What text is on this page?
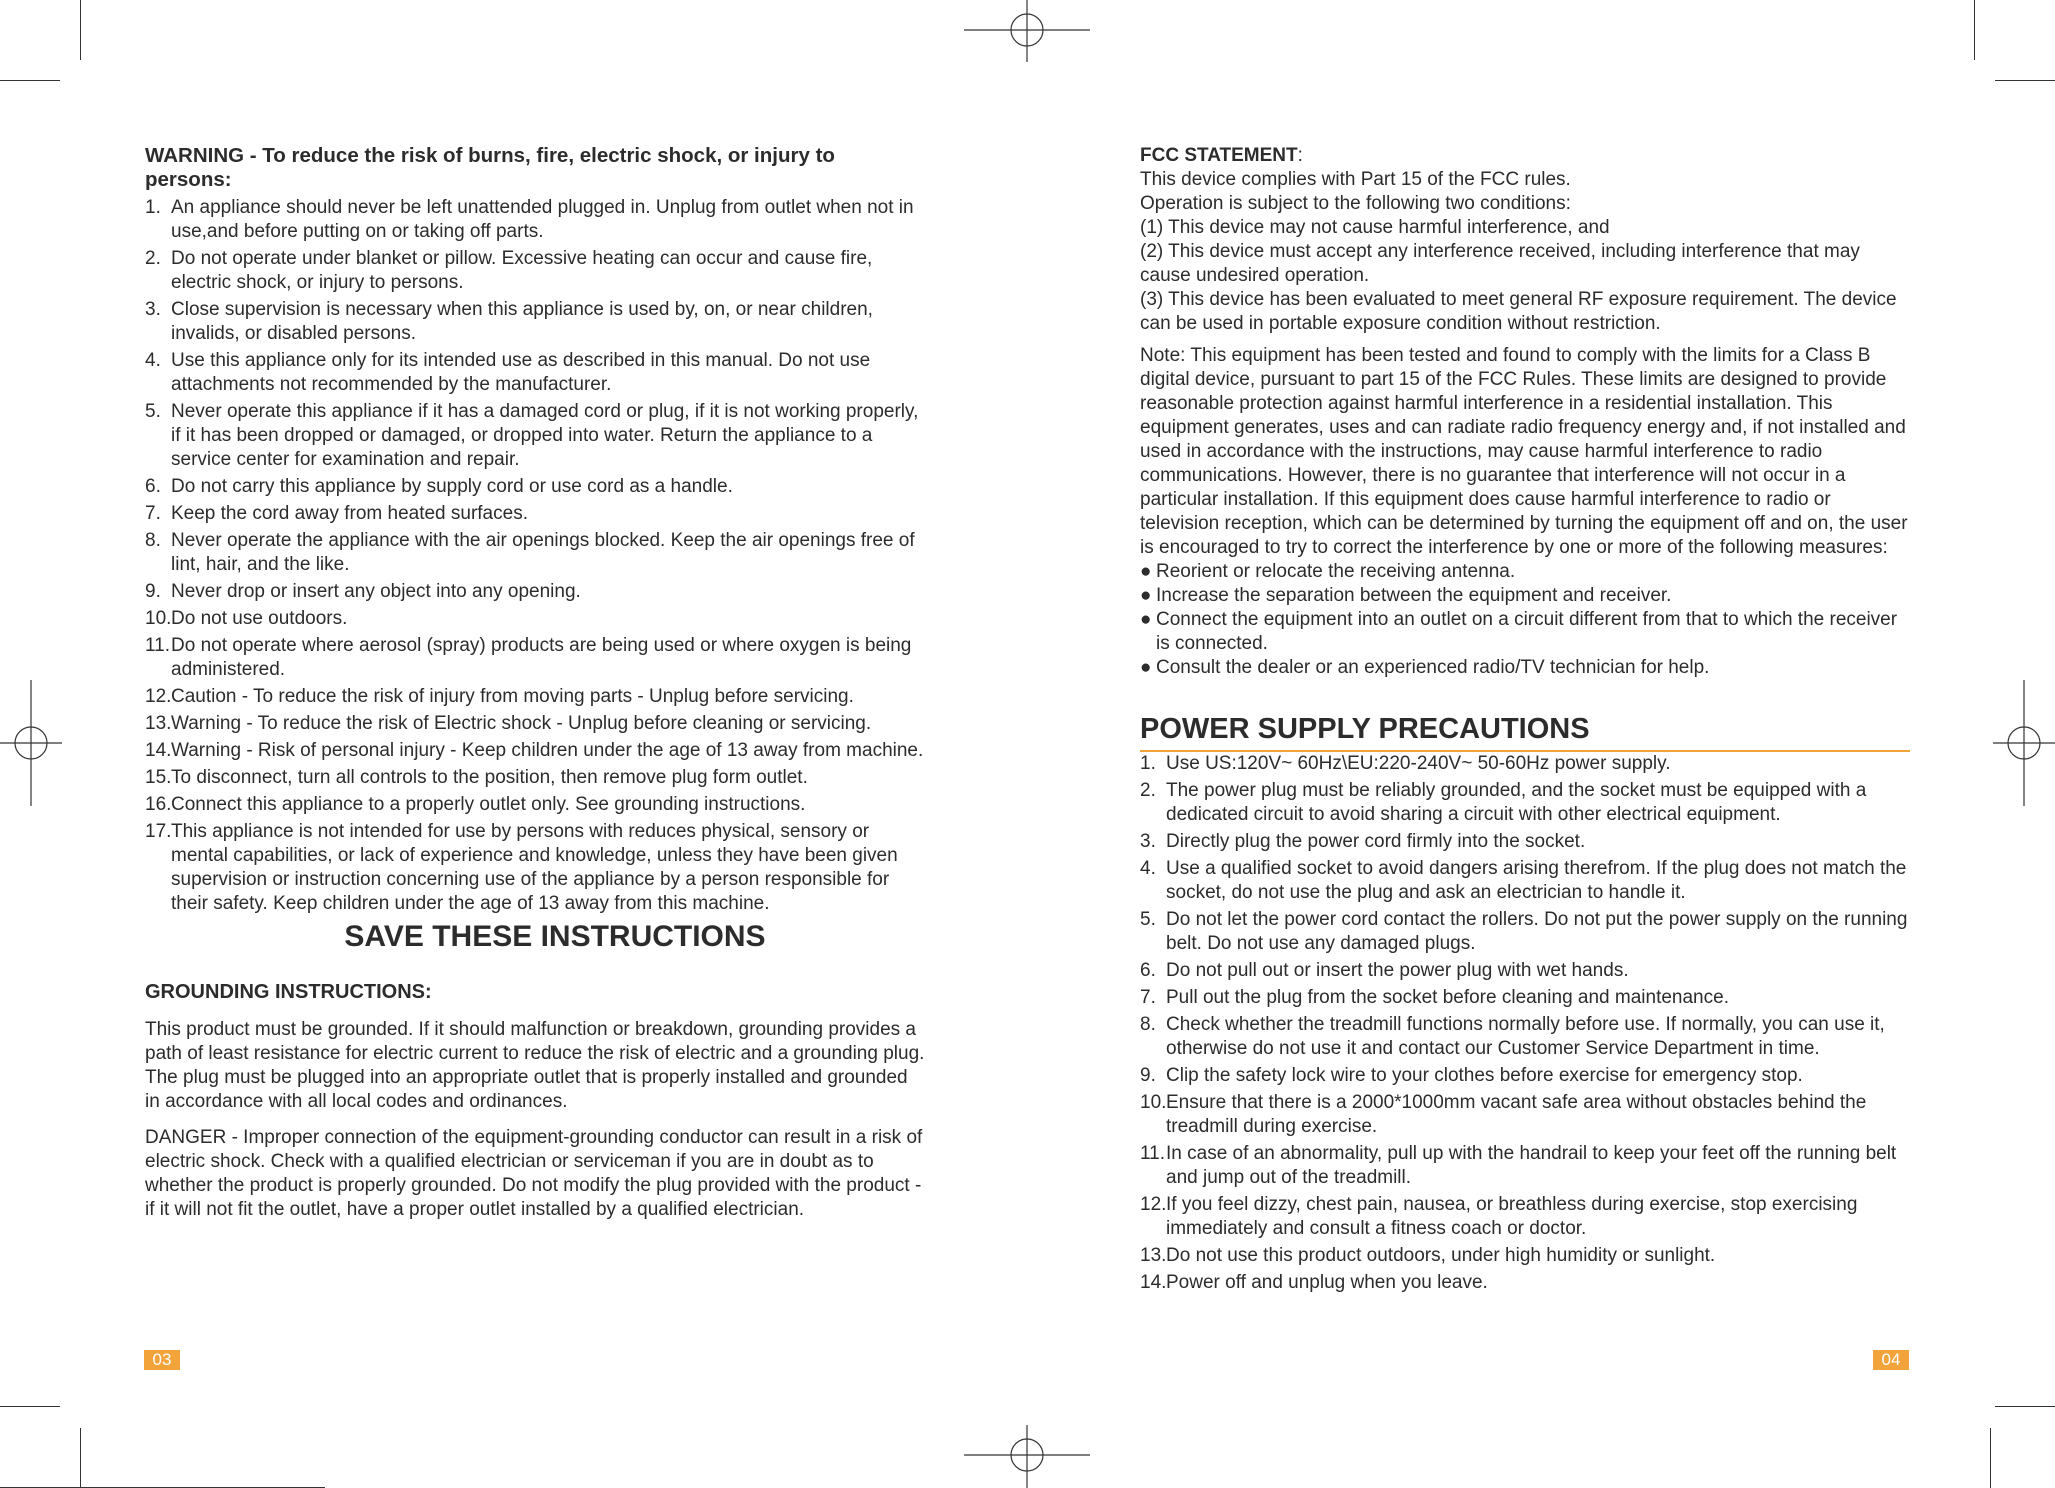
WARNING - To reduce the risk of burns, fire, electric shock, or injury to persons:

1. An appliance should never be left unattended plugged in. Unplug from outlet when not in use,and before putting on or taking off parts.
2. Do not operate under blanket or pillow. Excessive heating can occur and cause fire, electric shock, or injury to persons.
3. Close supervision is necessary when this appliance is used by, on, or near children, invalids, or disabled persons.
4. Use this appliance only for its intended use as described in this manual. Do not use attachments not recommended by the manufacturer.
5. Never operate this appliance if it has a damaged cord or plug, if it is not working properly, if it has been dropped or damaged, or dropped into water. Return the appliance to a service center for examination and repair.
6. Do not carry this appliance by supply cord or use cord as a handle.
7. Keep the cord away from heated surfaces.
8. Never operate the appliance with the air openings blocked. Keep the air openings free of lint, hair, and the like.
9. Never drop or insert any object into any opening.
10. Do not use outdoors.
11. Do not operate where aerosol (spray) products are being used or where oxygen is being administered.
12. Caution - To reduce the risk of injury from moving parts - Unplug before servicing.
13. Warning - To reduce the risk of Electric shock - Unplug before cleaning or servicing.
14. Warning - Risk of personal injury - Keep children under the age of 13 away from machine.
15. To disconnect, turn all controls to the position, then remove plug form outlet.
16. Connect this appliance to a properly outlet only. See grounding instructions.
17. This appliance is not intended for use by persons with reduces physical, sensory or mental capabilities, or lack of experience and knowledge, unless they have been given supervision or instruction concerning use of the appliance by a person responsible for their safety. Keep children under the age of 13 away from this machine.
SAVE THESE INSTRUCTIONS
GROUNDING INSTRUCTIONS:

This product must be grounded. If it should malfunction or breakdown, grounding provides a path of least resistance for electric current to reduce the risk of electric and a grounding plug. The plug must be plugged into an appropriate outlet that is properly installed and grounded in accordance with all local codes and ordinances.

DANGER - Improper connection of the equipment-grounding conductor can result in a risk of electric shock. Check with a qualified electrician or serviceman if you are in doubt as to whether the product is properly grounded. Do not modify the plug provided with the product - if it will not fit the outlet, have a proper outlet installed by a qualified electrician.

03
FCC STATEMENT:

This device complies with Part 15 of the FCC rules.

Operation is subject to the following two conditions:

(1) This device may not cause harmful interference, and

(2) This device must accept any interference received, including interference that may cause undesired operation.

(3) This device has been evaluated to meet general RF exposure requirement. The device can be used in portable exposure condition without restriction.

Note: This equipment has been tested and found to comply with the limits for a Class B digital device, pursuant to part 15 of the FCC Rules. These limits are designed to provide reasonable protection against harmful interference in a residential installation. This equipment generates, uses and can radiate radio frequency energy and, if not installed and used in accordance with the instructions, may cause harmful interference to radio communications. However, there is no guarantee that interference will not occur in a particular installation. If this equipment does cause harmful interference to radio or television reception, which can be determined by turning the equipment off and on, the user is encouraged to try to correct the interference by one or more of the following measures:

● Reorient or relocate the receiving antenna.
● Increase the separation between the equipment and receiver.
● Connect the equipment into an outlet on a circuit different from that to which the receiver is connected.
● Consult the dealer or an experienced radio/TV technician for help.
POWER SUPPLY PRECAUTIONS
1. Use US:120V~ 60Hz\EU:220-240V~ 50-60Hz power supply.
2. The power plug must be reliably grounded, and the socket must be equipped with a dedicated circuit to avoid sharing a circuit with other electrical equipment.
3. Directly plug the power cord firmly into the socket.
4. Use a qualified socket to avoid dangers arising therefrom. If the plug does not match the socket, do not use the plug and ask an electrician to handle it.
5. Do not let the power cord contact the rollers. Do not put the power supply on the running belt. Do not use any damaged plugs.
6. Do not pull out or insert the power plug with wet hands.
7. Pull out the plug from the socket before cleaning and maintenance.
8. Check whether the treadmill functions normally before use. If normally, you can use it, otherwise do not use it and contact our Customer Service Department in time.
9. Clip the safety lock wire to your clothes before exercise for emergency stop.
10. Ensure that there is a 2000*1000mm vacant safe area without obstacles behind the treadmill during exercise.
11. In case of an abnormality, pull up with the handrail to keep your feet off the running belt and jump out of the treadmill.
12. If you feel dizzy, chest pain, nausea, or breathless during exercise, stop exercising immediately and consult a fitness coach or doctor.
13. Do not use this product outdoors, under high humidity or sunlight.
14. Power off and unplug when you leave.
04
